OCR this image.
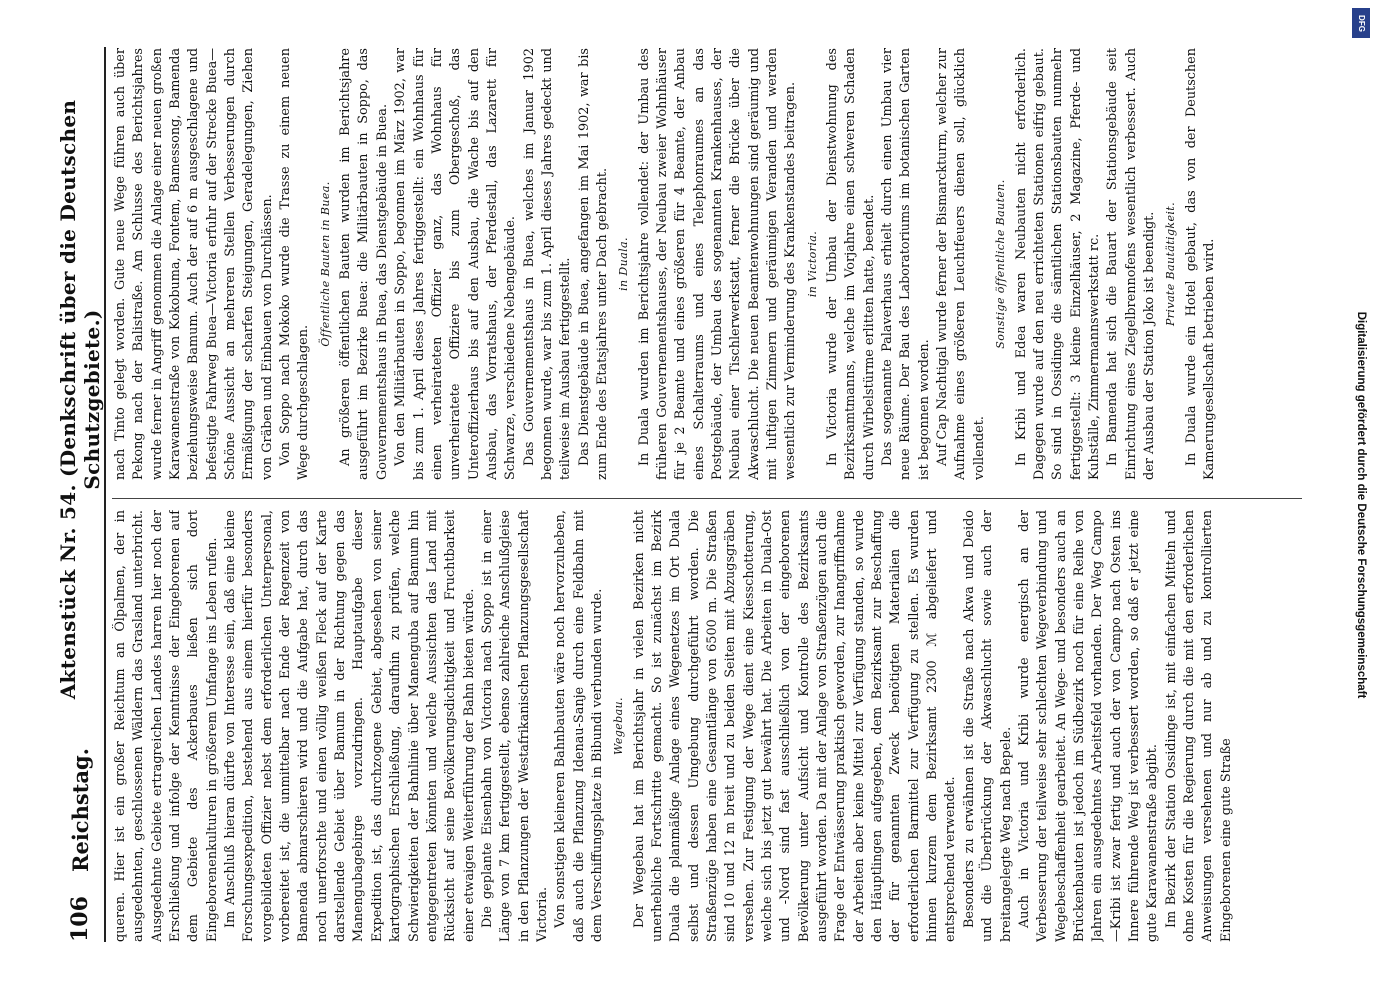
106
Reichstag.
Aktenstück Nr. 54. (Denkschrift über die Deutschen Schutzgebiete.)

queren. Hier ist ein großer Reichtum an Ölpalmen, der in ausgedehnten, geschlossenen Wäldern das Grasland unterbricht. Ausgedehnte Gebiete ertragreichen Landes harren hier noch der Erschließung und infolge der Kenntnisse der Eingeborenen auf dem Gebiete des Ackerbaues ließen sich dort Eingeborenenkulturen in größerem Umfange ins Leben rufen. Im Anschluß hieran dürfte von Interesse sein, daß eine kleine Forschungsexpedition, bestehend aus einem hierfür besonders vorgebildeten Offizier nebst dem erforderlichen Unterpersonal, vorbereitet ist, die unmittelbar nach Ende der Regenzeit von Bamenda abmarschieren wird und die Aufgabe hat, durch das noch unerforschte und einen völlig weißen Fleck auf der Karte darstellende Gebiet über Bamum in der Richtung gegen das Manengubagebirge vorzudringen. Hauptaufgabe dieser Expedition ist, das durchzogene Gebiet, abgesehen von seiner kartographischen Erschließung, daraufhin zu prüfen, welche Schwierigkeiten der Bahnlinie über Manenguba auf Bamum hin entgegentreten könnten und welche Aussichten das Land mit Rücksicht auf seine Bevölkerungsdichtigkeit und Fruchtbarkeit einer etwaigen Weiterführung der Bahn bieten würde. Die geplante Eisenbahn von Victoria nach Soppo ist in einer Länge von 7 km fertiggestellt, ebenso zahlreiche Anschlußgleise in den Pflanzungen der Westafrikanischen Pflanzungsgesellschaft Victoria. Von sonstigen kleineren Bahnbauten wäre noch hervorzuheben, daß auch die Pflanzung Idenau-Sanje durch eine Feldbahn mit dem Verschiffungsplatze in Bibundi verbunden wurde. Wegebau. Der Wegebau hat im Berichtsjahr in vielen Bezirken nicht unerhebliche Fortschritte gemacht. So ist zunächst im Bezirk Duala die planmäßige Anlage eines Wegenetzes im Ort Duala selbst und dessen Umgebung durchgeführt worden. Die Straßenzüge haben eine Gesamtlänge von 6500 m. Die Straßen sind 10 und 12 m breit und zu beiden Seiten mit Abzugsgräben versehen. Zur Festigung der Wege dient eine Kiesschotterung, welche sich bis jetzt gut bewährt hat. Die Arbeiten in Duala-Ost und -Nord sind fast ausschließlich von der eingeborenen Bevölkerung unter Aufsicht und Kontrolle des Bezirksamts ausgeführt worden. Da mit der Anlage von Straßenzügen auch die Frage der Entwässerung praktisch geworden, zur Inangriffnahme der Arbeiten aber keine Mittel zur Verfügung standen, so wurde den Häuptlingen aufgegeben, dem Bezirksamt zur Beschaffung der für genannten Zweck benötigten Materialien die erforderlichen Barmittel zur Verfügung zu stellen. Es wurden hinnen kurzem dem Bezirksamt 2300 ℳ abgeliefert und entsprechend verwendet. Besonders zu erwähnen ist die Straße nach Akwa und Deido und die Überbrückung der Akwaschlucht sowie auch der breitangelegte Weg nach Bepele. Auch in Victoria und Kribi wurde energisch an der Verbesserung der teilweise sehr schlechten Wegeverbindung und Wegebeschaffenheit gearbeitet. An Wege- und besonders auch an Brückenbauten ist jedoch im Südbezirk noch für eine Reihe von Jahren ein ausgedehntes Arbeitsfeld vorhanden. Der Weg Campo—Kribi ist zwar fertig und auch der von Campo nach Osten ins Innere führende Weg ist verbessert worden, so daß er jetzt eine gute Karawanenstraße abgibt. Im Bezirk der Station Ossidinge ist, mit einfachen Mitteln und ohne Kosten für die Regierung durch die mit den erforderlichen Anweisungen versehenen und nur ab und zu kontrollierten Eingeborenen eine gute Straße

nach Tinto gelegt worden. Gute neue Wege führen auch über Pekong nach der Balistraße. Am Schlusse des Berichtsjahres wurde ferner in Angriff genommen die Anlage einer neuen großen Karawanenstraße von Kokobuma, Fontem, Bamessong, Bamenda beziehungsweise Bamum. Auch der auf 6 m ausgeschlagene und befestigte Fahrweg Buea—Victoria erfuhr auf der Strecke Buea—Schöne Aussicht an mehreren Stellen Verbesserungen durch Ermäßigung der scharfen Steigungen, Geradelegungen, Ziehen von Gräben und Einbauen von Durchlässen. Von Soppo nach Mokoko wurde die Trasse zu einem neuen Wege durchgeschlagen.

Öffentliche Bauten in Buea. An größeren öffentlichen Bauten wurden im Berichtsjahre ausgeführt im Bezirke Buea: die Militärbauten in Soppo, das Gouvernementshaus in Buea, das Dienstgebäude in Buea. Von den Militärbauten in Soppo, begonnen im März 1902, war bis zum 1. April dieses Jahres fertiggestellt: ein Wohnhaus für einen verheirateten Offizier ganz, das Wohnhaus für unverheiratete Offiziere bis zum Obergeschoß, das Unteroffizierhaus bis auf den Ausbau, die Wache bis auf den Ausbau, das Vorratshaus, der Pferdestall, das Lazarett für Schwarze, verschiedene Nebengebäude. Das Gouvernementshaus in Buea, welches im Januar 1902 begonnen wurde, war bis zum 1. April dieses Jahres gedeckt und teilweise im Ausbau fertiggestellt. Das Dienstgebäude in Buea, angefangen im Mai 1902, war bis zum Ende des Etatsjahres unter Dach gebracht. in Duala. In Duala wurden im Berichtsjahre vollendet: der Umbau des früheren Gouvernementshauses, der Neubau zweier Wohnhäuser für je 2 Beamte und eines größeren für 4 Beamte, der Anbau eines Schalterraums und eines Telephonraumes an das Postgebäude, der Umbau des sogenannten Krankenhauses, der Neubau einer Tischlerwerkstatt, ferner die Brücke über die Akwaschlucht. Die neuen Beamtenwohnungen sind geräumig und mit luftigen Zimmern und geräumigen Veranden und werden wesentlich zur Verminderung des Krankenstandes beitragen. in Victoria. In Victoria wurde der Umbau der Dienstwohnung des Bezirksamtmanns, welche im Vorjahre einen schweren Schaden durch Wirbelstürme erlitten hatte, beendet. Das sogenannte Palaverhaus erhielt durch einen Umbau vier neue Räume. Der Bau des Laboratoriums im botanischen Garten ist begonnen worden. Auf Cap Nachtigal wurde ferner der Bismarckturm, welcher zur Aufnahme eines größeren Leuchtfeuers dienen soll, glücklich vollendet.

Sonstige öffentliche Bauten. In Kribi und Edea waren Neubauten nicht erforderlich. Dagegen wurde auf den neu errichteten Stationen eifrig gebaut. So sind in Ossidinge die sämtlichen Stationsbauten nunmehr fertiggestellt: 3 kleine Einzelhäuser, 2 Magazine, Pferde- und Kuhställe, Zimmermannswerkstatt rc. In Bamenda hat sich die Bauart der Stationsgebäude seit Einrichtung eines Ziegelbrennofens wesentlich verbessert. Auch der Ausbau der Station Joko ist beendigt. Private Bautätigkeit. In Duala wurde ein Hotel gebaut, das von der Deutschen Kamerungesellschaft betrieben wird.

DFG
Digitalisierung gefördert durch die Deutsche Forschungsgemeinschaft
